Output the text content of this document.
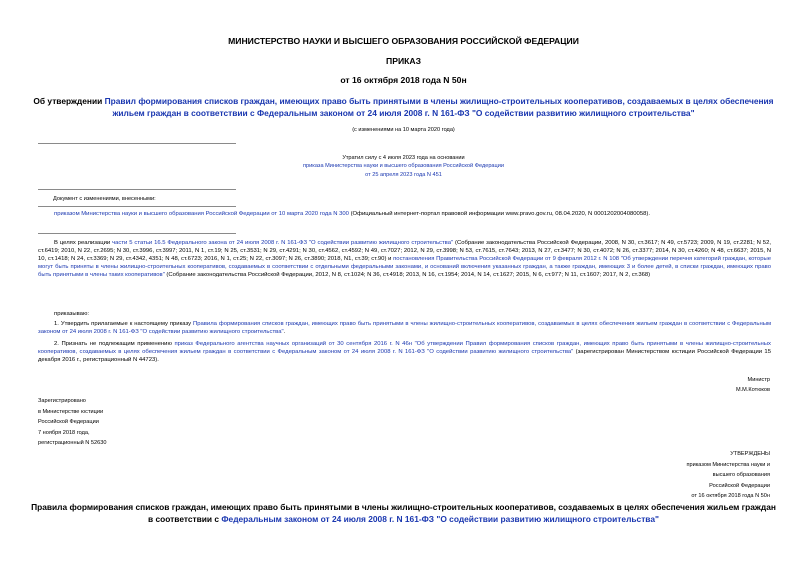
МИНИСТЕРСТВО НАУКИ И ВЫСШЕГО ОБРАЗОВАНИЯ РОССИЙСКОЙ ФЕДЕРАЦИИ
ПРИКАЗ
от 16 октября 2018 года N 50н
Об утверждении Правил формирования списков граждан, имеющих право быть принятыми в члены жилищно-строительных кооперативов, создаваемых в целях обеспечения жильем граждан в соответствии с Федеральным законом от 24 июля 2008 г. N 161-ФЗ "О содействии развитию жилищного строительства"
(с изменениями на 10 марта 2020 года)
Утратил силу с 4 июля 2023 года на основании
приказа Министерства науки и высшего образования Российской Федерации
от 25 апреля 2023 года N 451
Документ с изменениями, внесенными:
приказом Министерства науки и высшего образования Российской Федерации от 10 марта 2020 года N 300 (Официальный интернет-портал правовой информации www.pravo.gov.ru, 08.04.2020, N 0001202004080058).
В целях реализации части 5 статьи 16.5 Федерального закона от 24 июля 2008 г. N 161-ФЗ "О содействии развитию жилищного строительства" (Собрание законодательства Российской Федерации, 2008, N 30, ст.3617; N 49, ст.5723; 2009, N 19, ст.2281; N 52, ст.6419; 2010, N 22, ст.2695; N 30, ст.3996, ст.3997; 2011, N 1, ст.19; N 25, ст.3531; N 29, ст.4291; N 30, ст.4562, ст.4592; N 49, ст.7027; 2012, N 29, ст.3998; N 53, ст.7615, ст.7643; 2013, N 27, ст.3477; N 30, ст.4072; N 26, ст.3377; 2014, N 30, ст.4260; N 48, ст.6637; 2015, N 10, ст.1418; N 24, ст.3369; N 29, ст.4342, 4351; N 48, ст.6723; 2016, N 1, ст.25; N 22, ст.3097; N 26, ст.3890; 2018, N1, ст.39; ст.90) и постановления Правительства Российской Федерации от 9 февраля 2012 г. N 108 "Об утверждении перечня категорий граждан, которые могут быть приняты в члены жилищно-строительных кооперативов, создаваемых в соответствии с отдельными федеральными законами, и оснований включения указанных граждан, а также граждан, имеющих 3 и более детей, в списки граждан, имеющих право быть принятыми в члены таких кооперативов" (Собрание законодательства Российской Федерации, 2012, N 8, ст.1024; N 36, ст.4918; 2013, N 16, ст.1954; 2014, N 14, ст.1627; 2015, N 6, ст.977; N 11, ст.1607; 2017, N 2, ст.368)
приказываю:
1. Утвердить прилагаемые к настоящему приказу Правила формирования списков граждан, имеющих право быть принятыми в члены жилищно-строительных кооперативов, создаваемых в целях обеспечения жильем граждан в соответствии с Федеральным законом от 24 июля 2008 г. N 161-ФЗ "О содействии развитию жилищного строительства".
2. Признать не подлежащим применению приказ Федерального агентства научных организаций от 30 сентября 2016 г. N 46н "Об утверждении Правил формирования списков граждан, имеющих право быть принятыми в члены жилищно-строительных кооперативов, создаваемых в целях обеспечения жильем граждан в соответствии с Федеральным законом от 24 июля 2008 г. N 161-ФЗ "О содействии развитию жилищного строительства" (зарегистрирован Министерством юстиции Российской Федерации 15 декабря 2016 г., регистрационный N 44723).
Министр
М.М.Котюков
Зарегистрировано
в Министерстве юстиции
Российской Федерации
7 ноября 2018 года,
регистрационный N 52630
УТВЕРЖДЕНЫ
приказом Министерства науки и
высшего образования
Российской Федерации
от 16 октября 2018 года N 50н
Правила формирования списков граждан, имеющих право быть принятыми в члены жилищно-строительных кооперативов, создаваемых в целях обеспечения жильем граждан в соответствии с Федеральным законом от 24 июля 2008 г. N 161-ФЗ "О содействии развитию жилищного строительства"
